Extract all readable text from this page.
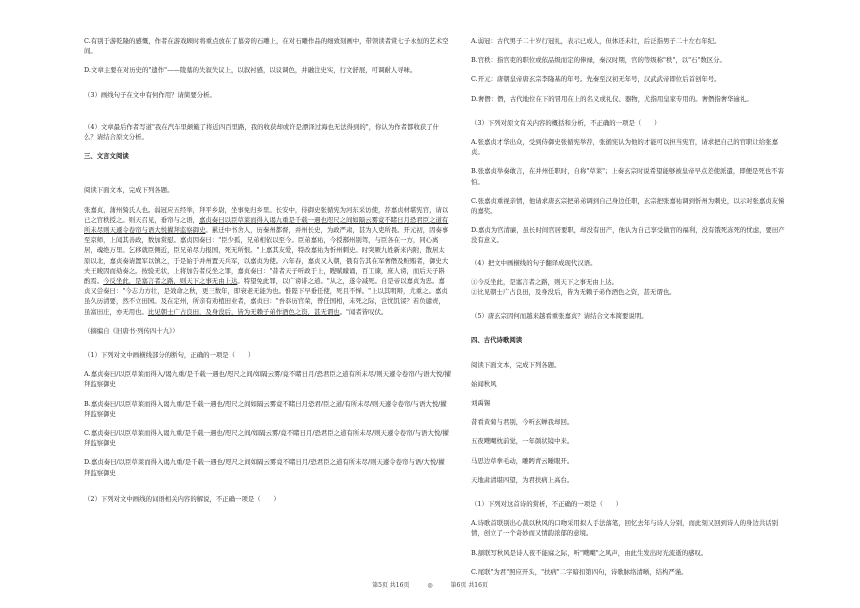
C.有别于游乾隆的感慨，作者在游戏顾时将重点放在了墓旁的石雕上，在对石雕作品的细致刻画中，带领读者赏七子永恒的艺术空间。

D.文章主要在对历史的"遗作"——陵墓的失叙失议上，以叙衬感，以议调色，并融注史实，行文舒展，可调耐人寻味。

（3）画线句子在文中有何作用？请简要分析。

（4）文章最后作者写道"我在汽车里颠簸了将近四百里路，我的收获却或许是漂泽过海也无法得到的"，你认为作者都收获了什么？请结合原文分析。

三、文言文阅读

阅读下面文本，完成下列各题。

张嘉贞，蒲州猗氏人也。弱冠应五经举，拜平乡尉，坐事免归乡里。长安中，侍御史张循宪为河东采访使，荐嘉贞材堪宪官，请以已之官秩授之。则天召见，垂帘与之语，嘉贞奏曰以臣草莱而得入谒九重是千载一遇也咫尺之间如隔云雾竟不睹日月恐君臣之道有所未尽则天遽令卷帘与语大悦擢拜监察御史。累迁中书舍人，历秦州都督，并州长史，为政严肃，甚为人吏所畏。开元初，因奏事至京师，上闻其善政，数加赏慰。嘉贞因奏曰："臣少孤，兄弟相依以至今。臣弟嘉祐，今授鄯州别驾，与臣各在一方，同心离居，魂绝万里。乞移就臣侧近，臣兄弟尽力报国，死无所恨。"上嘉其友爱，特改嘉祐为忻州刺史。时突厥九姓新来内附，散居太原以北，嘉贞奏请置军以镇之，于是始于并州置天兵军，以嘉贞为使。六年春，嘉贞又入朝，俄有告其在军奢僭及赃贿者，御史大夫王晙因而劾奏之。按验无状，上将加告者反坐之罪，嘉贞奏曰："昔者天子听政于上，瞍赋矇诵，百工谏，庶人谤，而后天子斟酌焉。今反坐此，是塞言者之路，则天下之事无由上达。特望免此罪，以广谤诽之道。"从之，遂令减死。自是帝以嘉贞为忠。嘉贞又尝奏曰："今志力方壮，是效命之秋，更三数年，即衰老无能为也。惟陛下早垂任使，死且不惮。"上以其明辩，尤重之。嘉贞虽久历清要，然不立田园。及在定州，所亲有劝植田业者，嘉贞曰："吾忝历官荣，曾任国相，未死之际，岂忧饥馁？若负谴责，虽富田庄，亦无用也。比见朝士广占良田，及身没后，皆为无赖子弟作酒色之资，甚无谓也。"闻者皆叹伏。

（摘编自《旧唐书·列传四十九》）

（1）下列对文中画横线部分的断句，正确的一项是（　　）

A.嘉贞奏曰/以臣草莱而得入/谒九重/是千载一遇也/咫尺之间/如隔云雾/竟不睹日月/恐君臣之道有所未尽/则天遽令卷帘/与语大悦/擢拜监察御史

B.嘉贞奏曰/以臣草莱而得入谒九重/是千载一遇也/咫尺之间如隔云雾竟不睹日月恐君/臣之道/有所未尽/则天遽令卷帘/与语大悦/擢拜监察御史

C.嘉贞奏曰/以臣草莱而得入谒九重/是千载一遇也/咫尺之间/如隔云雾/竟不睹日月/恐君臣之道有所未尽/则天遽令卷帘/与语大悦/擢拜监察御史

D.嘉贞奏曰/以臣草莱而得入谒九重/是千载一遇也/咫尺之间如隔云雾竟不睹日月/恐君臣之道有所未尽/则天遽令卷帘与语/大悦/擢拜监察御史

（2）下列对文中画线的词语相关内容的解说，不正确一项是（　　）

A.弱冠：古代男子二十岁行冠礼，表示已成人，但体还未壮，后泛指男子二十左右年纪。

B.官秩：指官吏的职位或依品级而定的俸禄，秦汉时期，官的等级称"秩"，以"石"数区分。

C.开元：唐朝皇帝唐玄宗李隆基的年号。先秦至汉初无年号，汉武武帝即位后首创年号。

D.奢僭：僭，古代地位在下的冒用在上的名义或礼仪、器物，尤指用皇家专用的。奢僭指奢华逾礼。

（3）下列对原文有关内容的概括和分析，不正确的一项是（　　）

A.张嘉贞才华出众，受到侍御史张循宪举荐，张循宪认为他的才能可以担当宪官，请求把自己的官职让给张嘉贞。

B.张嘉贞举奏敢言，在并州任职时，自称"草莱"；上奏玄宗时说希望能够被皇帝早点差使派遣，即便是死也不害怕。

C.张嘉贞重视亲情，他请求唐玄宗把弟弟调到自己身边任职，玄宗把张嘉祐调到忻州为刺史，以示对张嘉贞友悌的嘉奖。

D.嘉贞为官清廉，虽长时间官居要职，却没有田产，他认为自己享受做官的福利，没有饿死冻死的忧虑，要田产没有意义。

（4）把文中画横线的句子翻译成现代汉语。

①今反坐此，是塞言者之路，则天下之事无由上达。

②比见朝士广占良田，及身没后，皆为无赖子弟作酒色之资，甚无谓也。

（5）唐玄宗因何而越来越看重张嘉贞？请结合文本简要说明。

四、古代诗歌阅读

阅读下面文本，完成下列各题。

始闻秋风

刘禹锡

昔看黄菊与君别，今听玄蝉我却回。

五夜飕飗枕前觉，一年颜状镜中来。

马思边草拳毛动，雕眄青云睡眼开。

天地肃清堪四望，为君扶病上高台。

（1）下列对这首诗的赏析，不正确的一项是（　　）

A.诗歌首联别出心裁以秋风的口吻采用拟人手法落笔，回忆去年与诗人分别，而此刻又回到诗人的身边共话别情，创立了一个奇妙而又情韵浓郁的意境。

B.颔联写秋风是诗人夜不能寐之际，听"飕飗"之风声，由此生发出时光流逝的感叹。

C.尾联"为君"照应开头，"扶病"二字暗扣第四句，诗歌脉络清晰，结构严谨。

第5页 共16页	◎	第6页 共16页
